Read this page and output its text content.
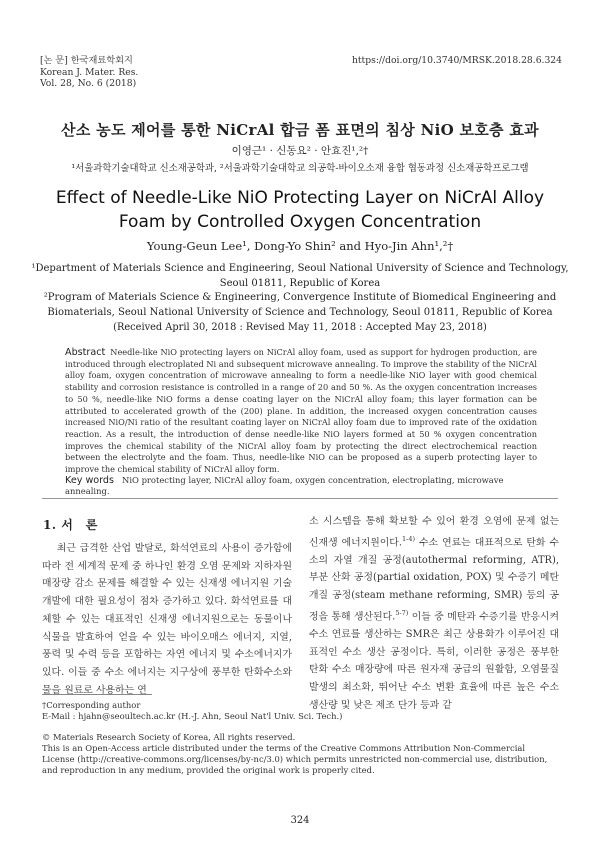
[논 문] 한국재료학회지
Korean J. Mater. Res.
Vol. 28, No. 6 (2018)
https://doi.org/10.3740/MRSK.2018.28.6.324
산소 농도 제어를 통한 NiCrAl 합금 폼 표면의 침상 NiO 보호층 효과
이영근¹ · 신동요² · 안효진¹,²†
¹서울과학기술대학교 신소재공학과, ²서울과학기술대학교 의공학-바이오소재 융합 협동과정 신소재공학프로그램
Effect of Needle-Like NiO Protecting Layer on NiCrAl Alloy Foam by Controlled Oxygen Concentration
Young-Geun Lee¹, Dong-Yo Shin² and Hyo-Jin Ahn¹,²†
¹Department of Materials Science and Engineering, Seoul National University of Science and Technology, Seoul 01811, Republic of Korea
²Program of Materials Science & Engineering, Convergence Institute of Biomedical Engineering and Biomaterials, Seoul National University of Science and Technology, Seoul 01811, Republic of Korea
(Received April 30, 2018 : Revised May 11, 2018 : Accepted May 23, 2018)
Abstract Needle-like NiO protecting layers on NiCrAl alloy foam, used as support for hydrogen production, are introduced through electroplated Ni and subsequent microwave annealing. To improve the stability of the NiCrAl alloy foam, oxygen concentration of microwave annealing to form a needle-like NiO layer with good chemical stability and corrosion resistance is controlled in a range of 20 and 50 %. As the oxygen concentration increases to 50 %, needle-like NiO forms a dense coating layer on the NiCrAl alloy foam; this layer formation can be attributed to accelerated growth of the (200) plane. In addition, the increased oxygen concentration causes increased NiO/Ni ratio of the resultant coating layer on NiCrAl alloy foam due to improved rate of the oxidation reaction. As a result, the introduction of dense needle-like NiO layers formed at 50 % oxygen concentration improves the chemical stability of the NiCrAl alloy foam by protecting the direct electrochemical reaction between the electrolyte and the foam. Thus, needle-like NiO can be proposed as a superb protecting layer to improve the chemical stability of NiCrAl alloy form.
Key words NiO protecting layer, NiCrAl alloy foam, oxygen concentration, electroplating, microwave annealing.
1. 서　론

최근 급격한 산업 발달로, 화석연료의 사용이 증가함에 따라 전 세계적 문제 중 하나인 환경 오염 문제와 지하자원 매장량 감소 문제를 해결할 수 있는 신재생 에너지원 기술 개발에 대한 필요성이 점차 증가하고 있다. 화석연료를 대체할 수 있는 대표적인 신재생 에너지원으로는 동물이나 식물을 발효하여 얻을 수 있는 바이오매스 에너지, 지열, 풍력 및 수력 등을 포함하는 자연 에너지 및 수소에너지가 있다. 이들 중 수소 에너지는 지구상에 풍부한 탄화수소와 물을 원료로 사용하는 연

소 시스템을 통해 확보할 수 있어 환경 오염에 문제 없는 신재생 에너지원이다.$^{1-4)}$ 수소 연료는 대표적으로 탄화 수소의 자열 개질 공정(autothermal reforming, ATR), 부분 산화 공정(partial oxidation, POX) 및 수증기 메탄 개질 공정(steam methane reforming, SMR) 등의 공정을 통해 생산된다.$^{5-7)}$ 이들 중 메탄과 수증기를 반응시켜 수소 연료를 생산하는 SMR은 최근 상용화가 이루어진 대표적인 수소 생산 공정이다. 특히, 이러한 공정은 풍부한 탄화 수소 매장량에 따른 원자재 공급의 원활함, 오염물질 발생의 최소화, 뛰어난 수소 변환 효율에 따른 높은 수소 생산량 및 낮은 제조 단가 등과 같

†Corresponding author

E-Mail : hjahn@seoultech.ac.kr (H.-J. Ahn, Seoul Nat'l Univ. Sci. Tech.)

© Materials Research Society of Korea, All rights reserved.

This is an Open-Access article distributed under the terms of the Creative Commons Attribution Non-Commercial License (http://creative-commons.org/licenses/by-nc/3.0) which permits unrestricted non-commercial use, distribution, and reproduction in any medium, provided the original work is properly cited.

324
